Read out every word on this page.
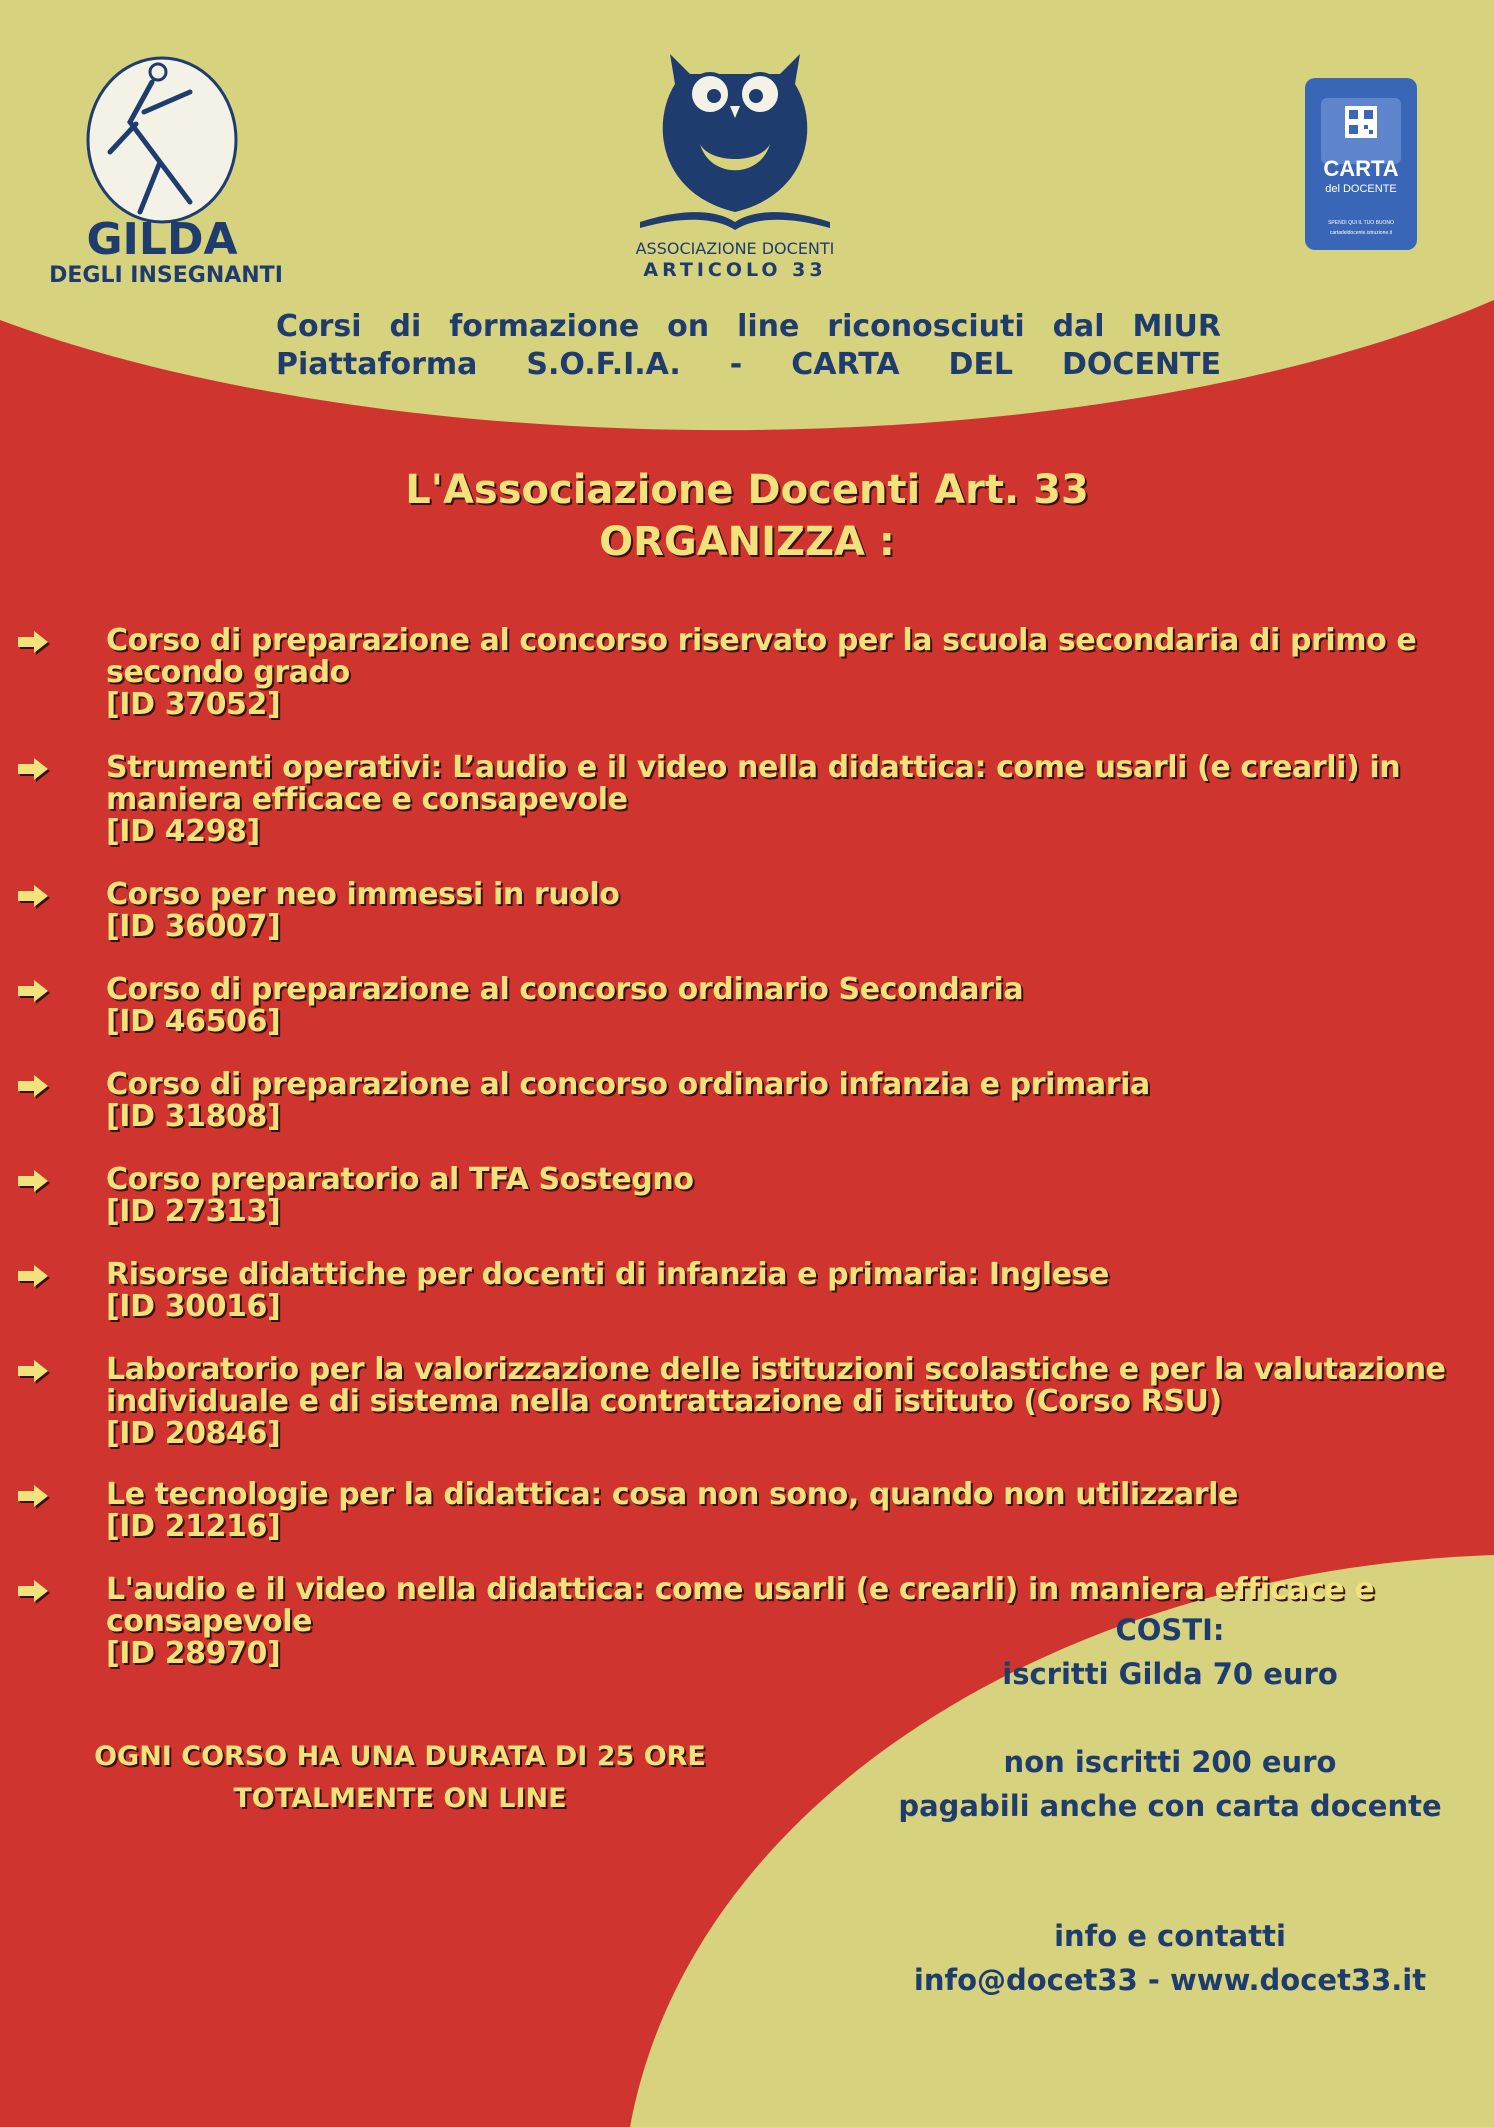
GILDA
DEGLI INSEGNANTI
ASSOCIAZIONE DOCENTI
ARTICOLO 33
CARTA
del DOCENTE
SPENDI QUI IL TUO BUONO
cartadeldocente.istruzione.it
Corsi di formazione on line riconosciuti dal MIUR
Piattaforma S.O.F.I.A. - CARTA DEL DOCENTE
L'Associazione Docenti Art. 33
ORGANIZZA :
Corso di preparazione al concorso riservato per la scuola secondaria di primo e secondo grado
[ID 37052]
Strumenti operativi: L’audio e il video nella didattica: come usarli (e crearli) in maniera efficace e consapevole
[ID 4298]
Corso per neo immessi in ruolo
[ID 36007]
Corso di preparazione al concorso ordinario Secondaria
[ID 46506]
Corso di preparazione al concorso ordinario infanzia e primaria
[ID 31808]
Corso preparatorio al TFA Sostegno
[ID 27313]
Risorse didattiche per docenti di infanzia e primaria: Inglese
[ID 30016]
Laboratorio per la valorizzazione delle istituzioni scolastiche e per la valutazione individuale e di sistema nella contrattazione di istituto (Corso RSU)
[ID 20846]
Le tecnologie per la didattica: cosa non sono, quando non utilizzarle
[ID 21216]
L'audio e il video nella didattica: come usarli (e crearli) in maniera efficace e consapevole
[ID 28970]
OGNI CORSO HA UNA DURATA DI 25 ORE
TOTALMENTE ON LINE
COSTI:
iscritti Gilda 70 euro
non iscritti 200 euro
pagabili anche con carta docente
info e contatti
info@docet33 - www.docet33.it
